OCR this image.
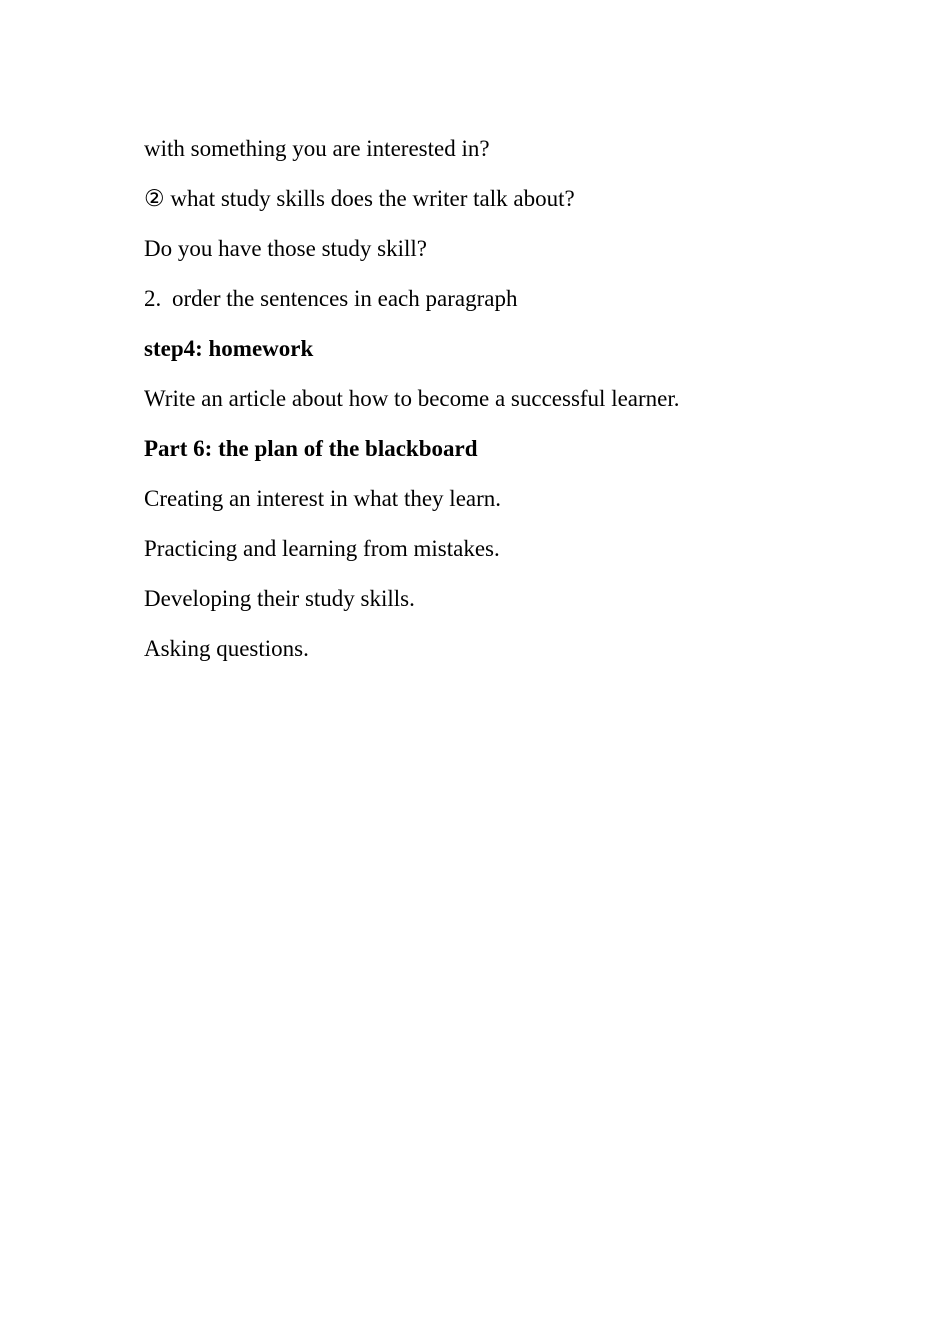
with something you are interested in?
② what study skills does the writer talk about?
Do you have those study skill?
2. order the sentences in each paragraph
step4: homework
Write an article about how to become a successful learner.
Part 6: the plan of the blackboard
Creating an interest in what they learn.
Practicing and learning from mistakes.
Developing their study skills.
Asking questions.
